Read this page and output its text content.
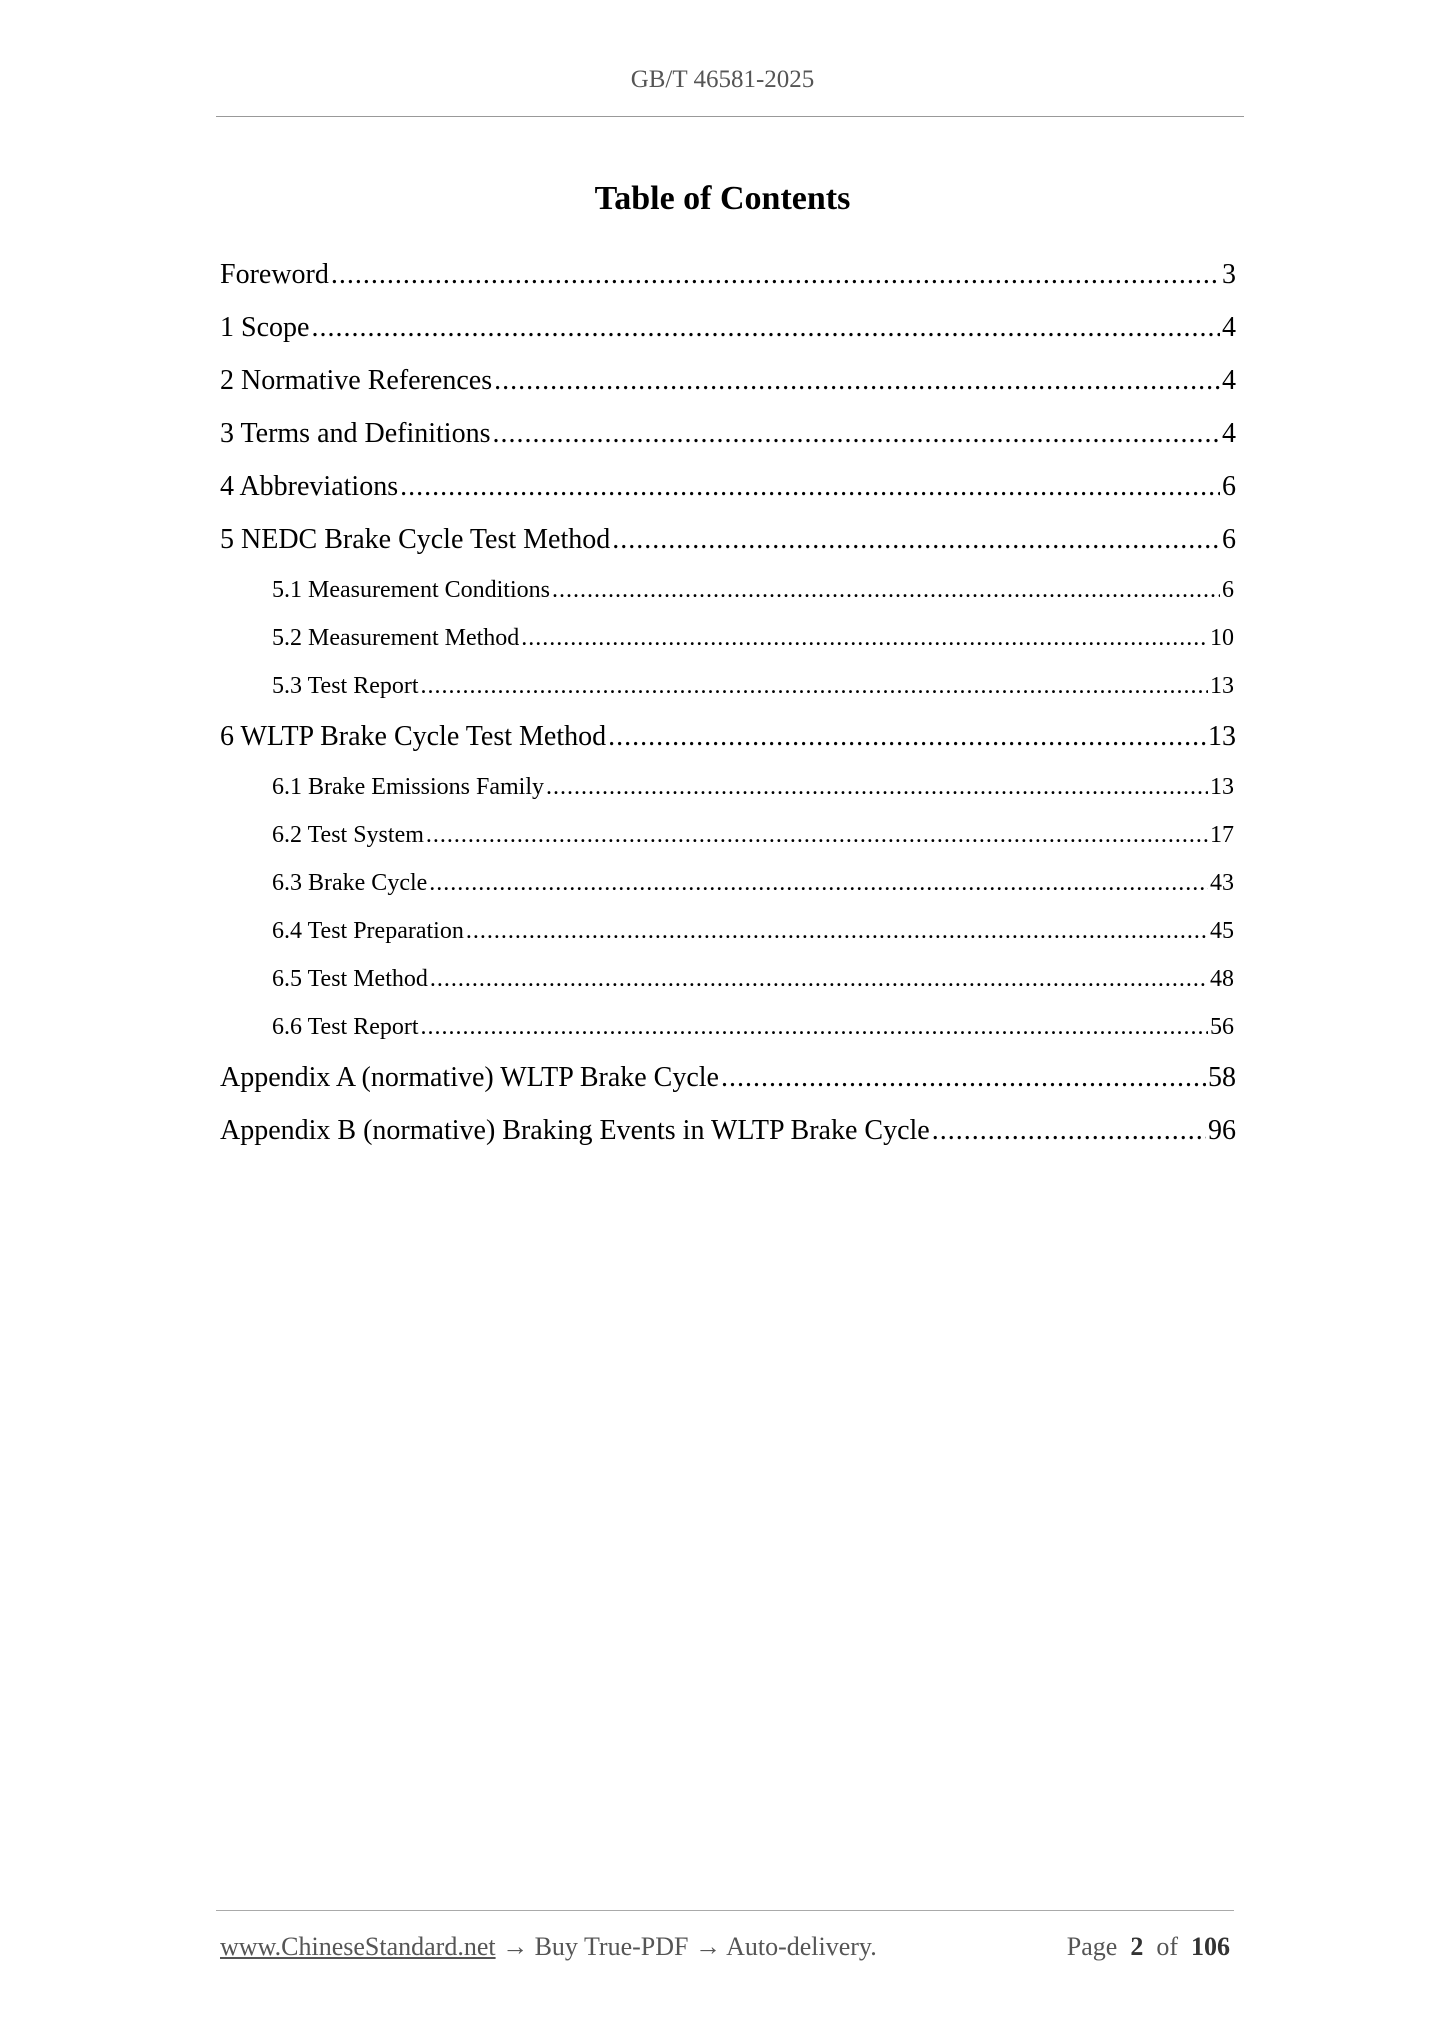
GB/T 46581-2025
Table of Contents
Foreword .....	3
1 Scope .....	4
2 Normative References .....	4
3 Terms and Definitions .....	4
4 Abbreviations .....	6
5 NEDC Brake Cycle Test Method .....	6
5.1 Measurement Conditions .....	6
5.2 Measurement Method .....	10
5.3 Test Report .....	13
6 WLTP Brake Cycle Test Method .....	13
6.1 Brake Emissions Family .....	13
6.2 Test System .....	17
6.3 Brake Cycle .....	43
6.4 Test Preparation .....	45
6.5 Test Method .....	48
6.6 Test Report .....	56
Appendix A (normative) WLTP Brake Cycle .....	58
Appendix B (normative) Braking Events in WLTP Brake Cycle .....	96
www.ChineseStandard.net → Buy True-PDF → Auto-delivery.	Page 2 of 106
